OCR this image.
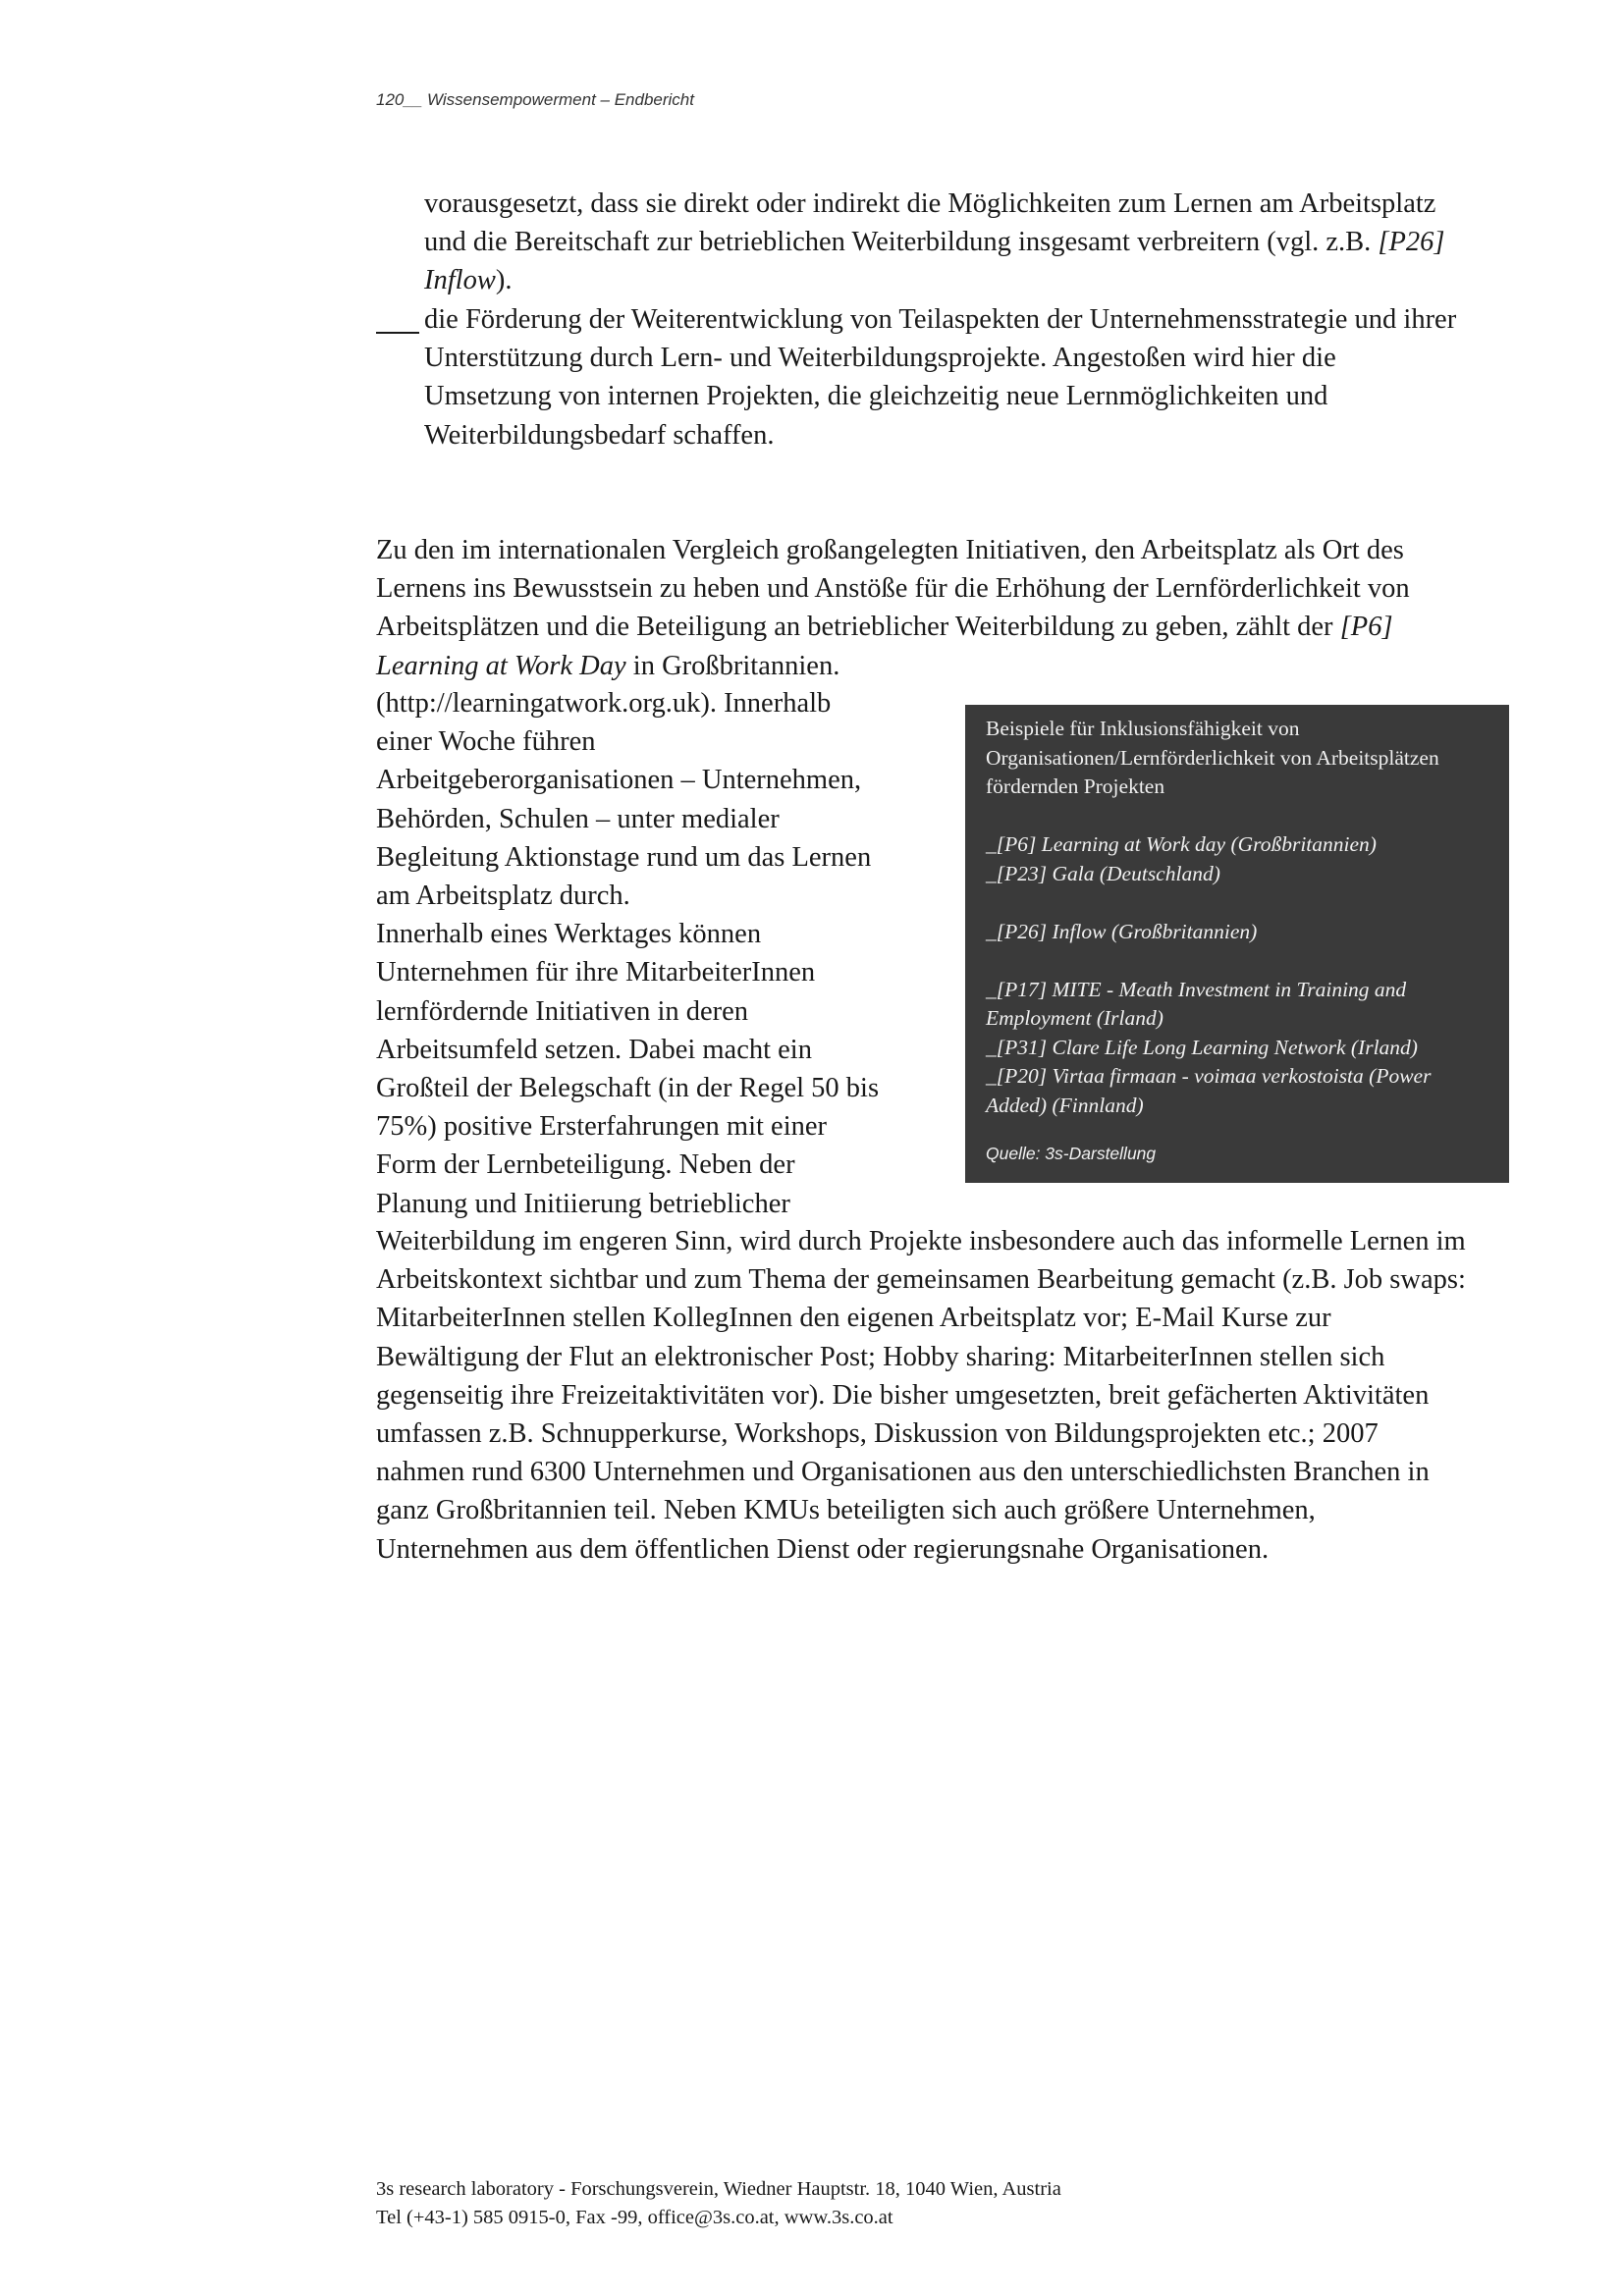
120__ Wissensempowerment – Endbericht
vorausgesetzt, dass sie direkt oder indirekt die Möglichkeiten zum Lernen am Arbeitsplatz und die Bereitschaft zur betrieblichen Weiterbildung insgesamt verbreitern (vgl. z.B. [P26] Inflow).
die Förderung der Weiterentwicklung von Teilaspekten der Unternehmensstrategie und ihrer Unterstützung durch Lern- und Weiterbildungsprojekte. Angestoßen wird hier die Umsetzung von internen Projekten, die gleichzeitig neue Lernmöglichkeiten und Weiterbildungsbedarf schaffen.
Zu den im internationalen Vergleich großangelegten Initiativen, den Arbeitsplatz als Ort des Lernens ins Bewusstsein zu heben und Anstöße für die Erhöhung der Lernförderlichkeit von Arbeitsplätzen und die Beteiligung an betrieblicher Weiterbildung zu geben, zählt der [P6] Learning at Work Day in Großbritannien.
(http://learningatwork.org.uk). Innerhalb
einer Woche führen
Arbeitgeberorganisationen – Unternehmen,
Behörden, Schulen – unter medialer
Begleitung Aktionstage rund um das Lernen
am Arbeitsplatz durch.
Innerhalb eines Werktages können
Unternehmen für ihre MitarbeiterInnen
lernfördernde Initiativen in deren
Arbeitsumfeld setzen. Dabei macht ein
Großteil der Belegschaft (in der Regel 50 bis
75%) positive Ersterfahrungen mit einer
Form der Lernbeteiligung. Neben der
Planung und Initiierung betrieblicher
Weiterbildung im engeren Sinn, wird durch Projekte insbesondere auch das informelle Lernen im Arbeitskontext sichtbar und zum Thema der gemeinsamen Bearbeitung gemacht (z.B. Job swaps: MitarbeiterInnen stellen KollegInnen den eigenen Arbeitsplatz vor; E-Mail Kurse zur Bewältigung der Flut an elektronischer Post; Hobby sharing: MitarbeiterInnen stellen sich gegenseitig ihre Freizeitaktivitäten vor). Die bisher umgesetzten, breit gefächerten Aktivitäten umfassen z.B. Schnupperkurse, Workshops, Diskussion von Bildungsprojekten etc.; 2007 nahmen rund 6300 Unternehmen und Organisationen aus den unterschiedlichsten Branchen in ganz Großbritannien teil. Neben KMUs beteiligten sich auch größere Unternehmen, Unternehmen aus dem öffentlichen Dienst oder regierungsnahe Organisationen.
Beispiele für Inklusionsfähigkeit von Organisationen/Lernförderlichkeit von Arbeitsplätzen fördernden Projekten
_[P6] Learning at Work day (Großbritannien)
_[P23] Gala (Deutschland)
_[P26] Inflow (Großbritannien)
_[P17] MITE - Meath Investment in Training and Employment (Irland)
_[P31] Clare Life Long Learning Network (Irland)
_[P20] Virtaa firmaan - voimaa verkostoista (Power Added) (Finnland)
Quelle: 3s-Darstellung
3s research laboratory - Forschungsverein, Wiedner Hauptstr. 18, 1040 Wien, Austria
Tel (+43-1) 585 0915-0, Fax -99, office@3s.co.at, www.3s.co.at
